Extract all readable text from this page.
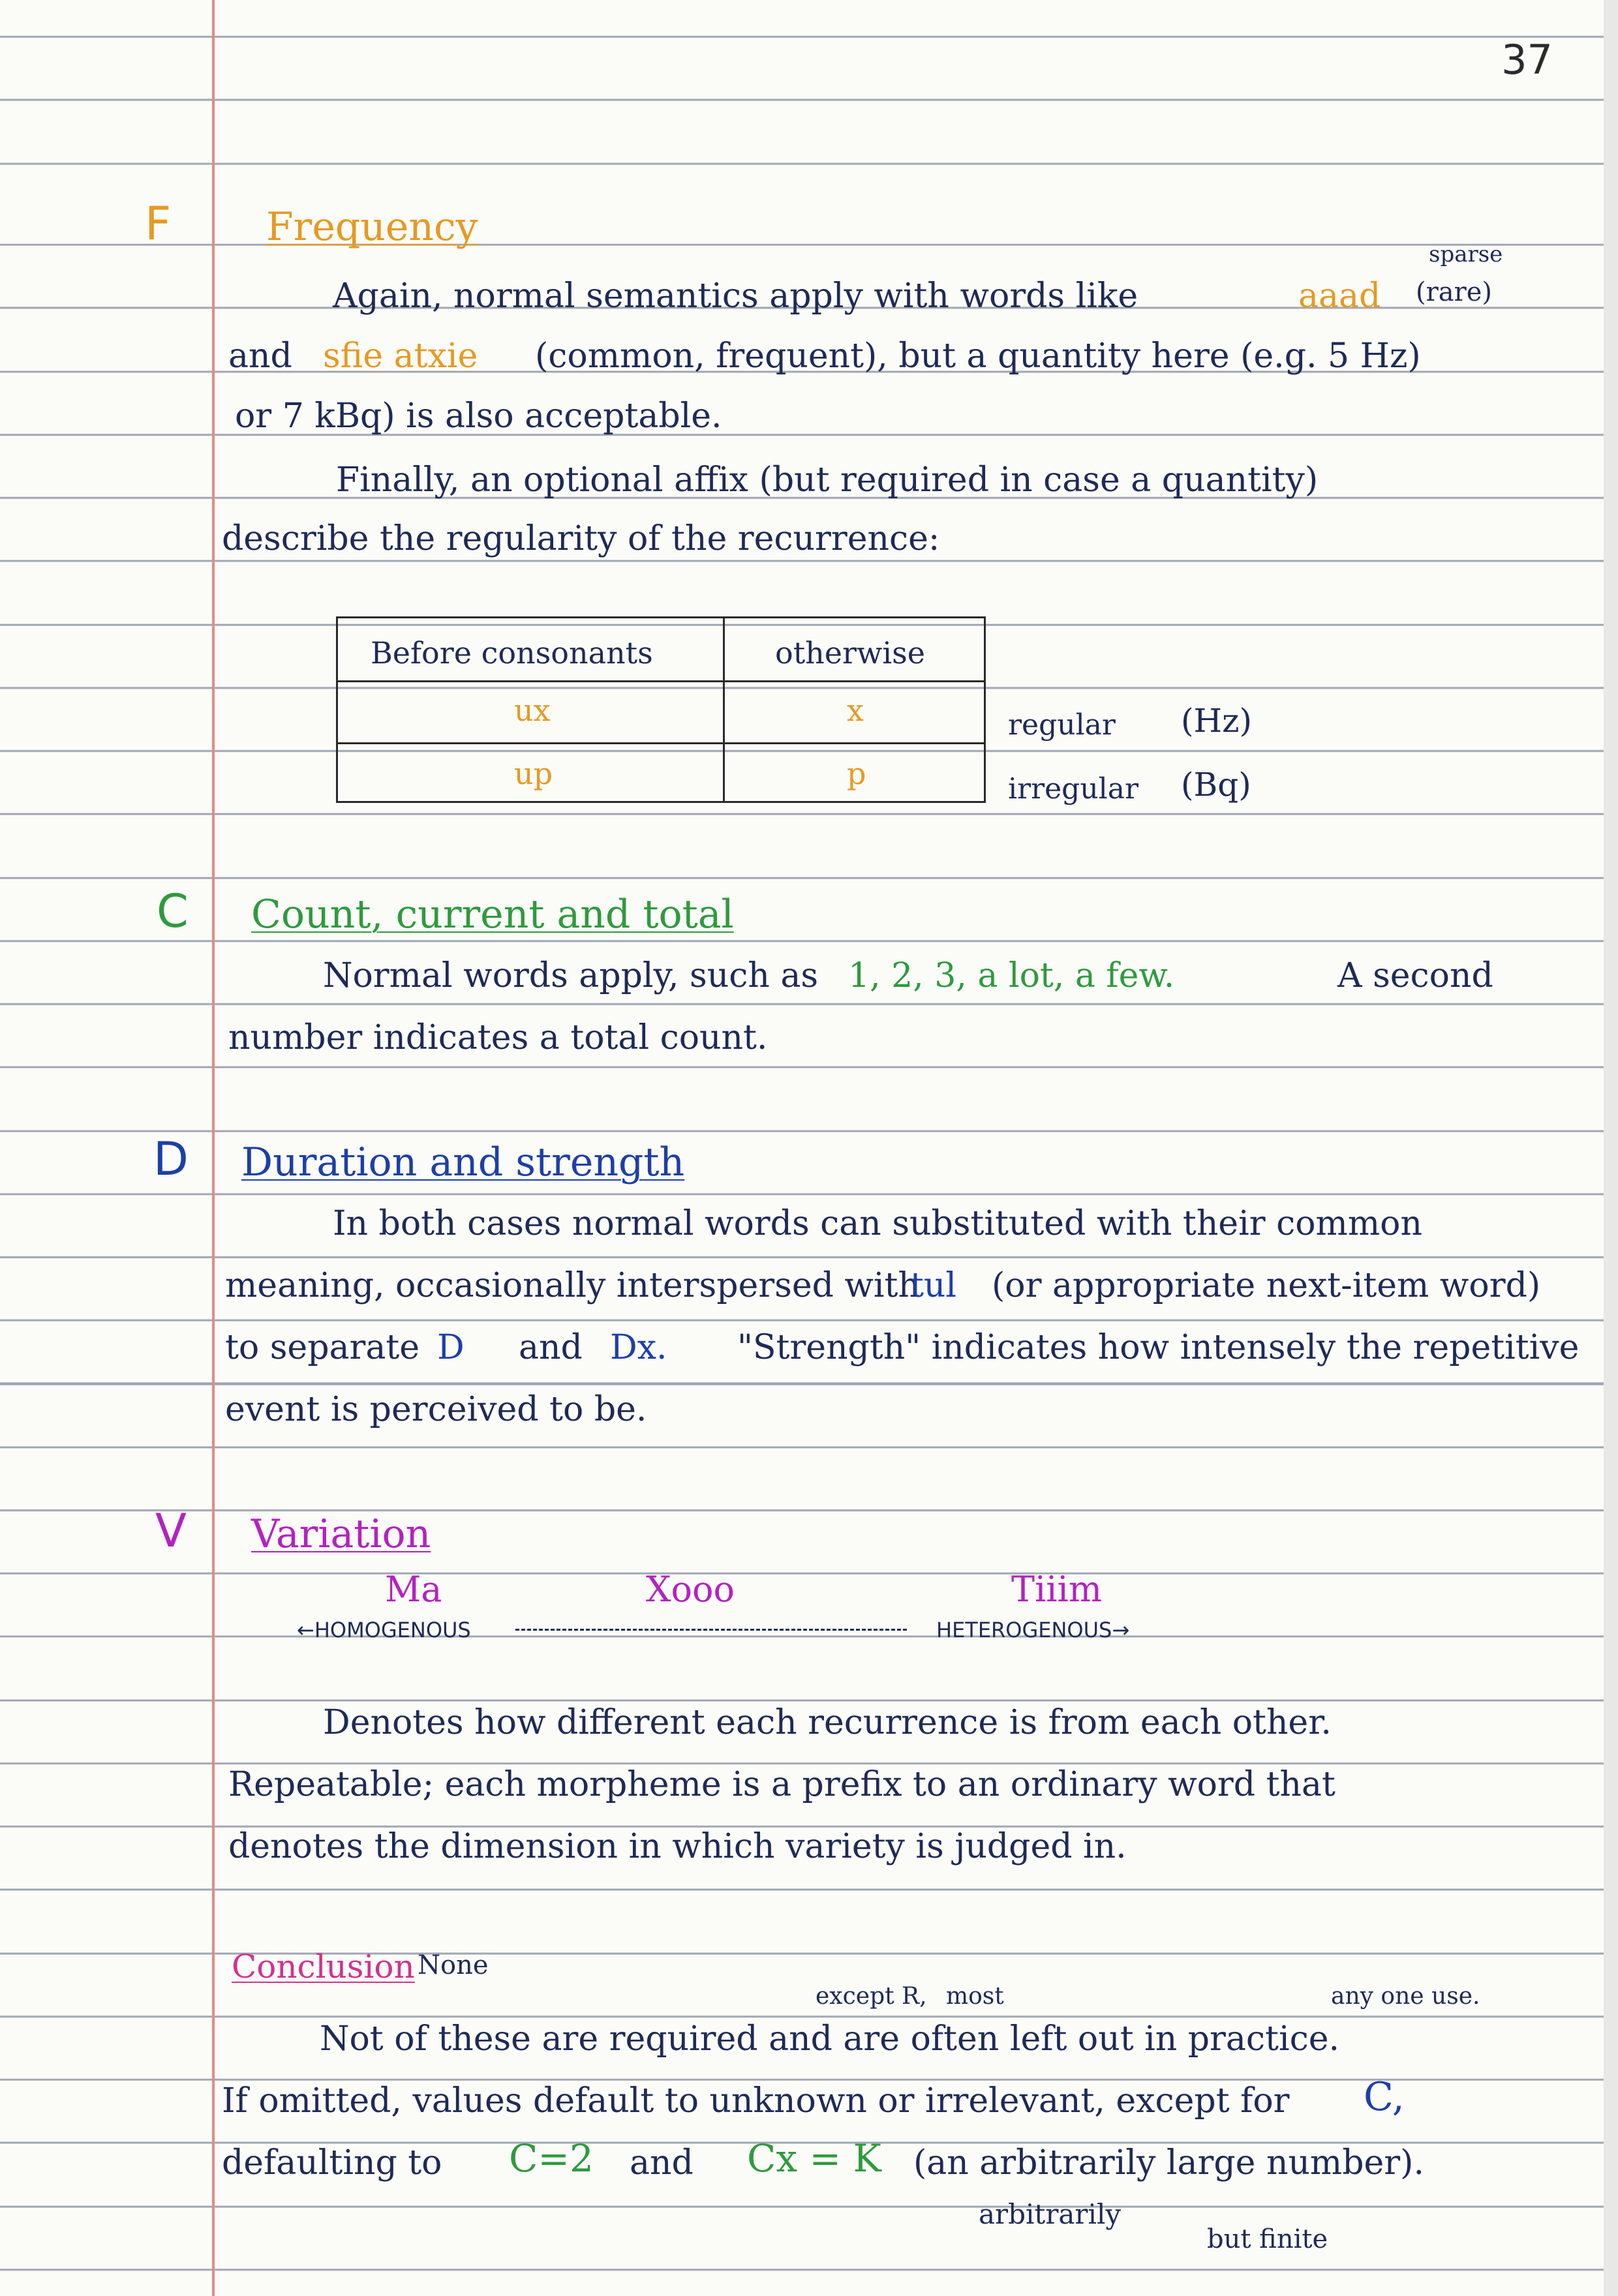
37
F Frequency
sparse
Again, normal semantics apply with words like	aaad (rare)
and sfie atxie (common, frequent), but a quantity here (e.g. 5 Hz)
or 7 kBq) is also acceptable.
Finally, an optional affix (but required in case a quantity)
describe the regularity of the recurrence:
Before consonants	otherwise
ux	x
up	p
regular (Hz)
irregular (Bq)
C Count, current and total
Normal words apply, such as 1, 2, 3, a lot, a few.	A second
number indicates a total count.
D Duration and strength
In both cases normal words can substituted with their common
meaning, occasionally interspersed with
tul (or appropriate next-item word)
to separate D and Dx. "Strength" indicates how intensely the repetitive
event is perceived to be.
V Variation
Ma	Xooo	Tiiim
←HOMOGENOUS	HETEROGENOUS→
Denotes how different each recurrence is from each other.
Repeatable; each morpheme is a prefix to an ordinary word that
denotes the dimension in which variety is judged in.
Conclusion None
except R, most	any one use.
Not of these are required and are often left out in practice.
If omitted, values default to unknown or irrelevant, except for C,
defaulting to C=2 and Cx = K (an arbitrarily large number).
arbitrarily
but finite
